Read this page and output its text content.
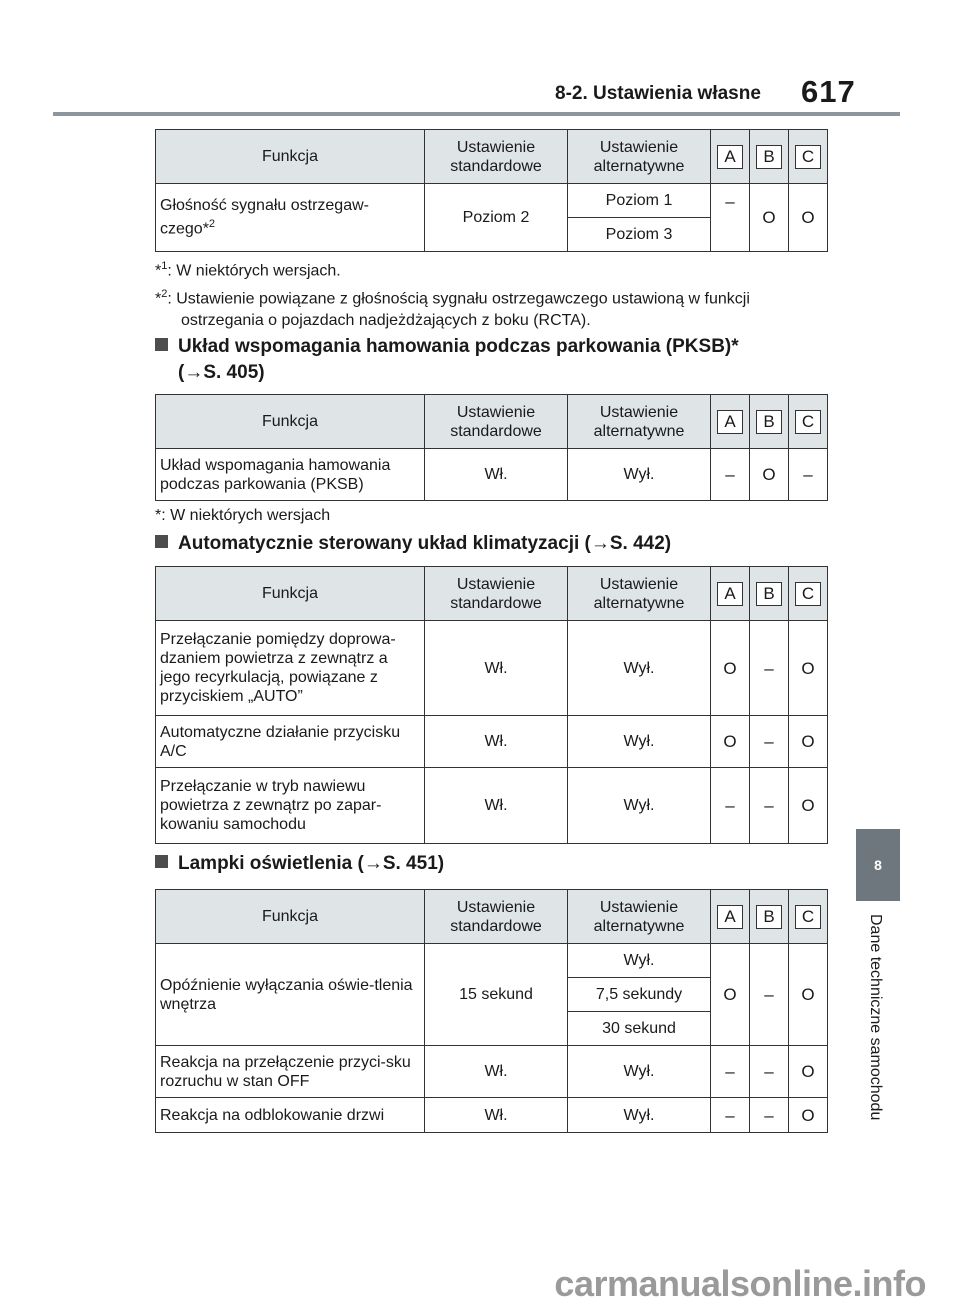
8-2. Ustawienia własne 617
8
Dane techniczne samochodu
Funkcja	Ustawienie standardowe	Ustawienie alternatywne	A	B	C
Głośność sygnału ostrzegaw-czego*$^2$	Poziom 2	Poziom 1	–	O	O
		Poziom 3			
*$^1$: W niektórych wersjach.
*$^2$: Ustawienie powiązane z głośnością sygnału ostrzegawczego ustawioną w funkcji
ostrzegania o pojazdach nadjeżdżających z boku (RCTA).
Układ wspomagania hamowania podczas parkowania (PKSB)*
(→S. 405)
Funkcja	Ustawienie standardowe	Ustawienie alternatywne	A	B	C
Układ wspomagania hamowania podczas parkowania (PKSB)	Wł.	Wył.	–	O	–
*: W niektórych wersjach
Automatycznie sterowany układ klimatyzacji (→S. 442)
Funkcja	Ustawienie standardowe	Ustawienie alternatywne	A	B	C
Przełączanie pomiędzy doprowa-dzaniem powietrza z zewnątrz a jego recyrkulacją, powiązane z przyciskiem „AUTO”	Wł.	Wył.	O	–	O
Automatyczne działanie przycisku A/C	Wł.	Wył.	O	–	O
Przełączanie w tryb nawiewu powietrza z zewnątrz po zapar-kowaniu samochodu	Wł.	Wył.	–	–	O
Lampki oświetlenia (→S. 451)
Funkcja	Ustawienie standardowe	Ustawienie alternatywne	A	B	C
Opóźnienie wyłączania oświe-tlenia wnętrza	15 sekund	Wył.	O	–	O
		7,5 sekundy			
		30 sekund			
Reakcja na przełączenie przyci-sku rozruchu w stan OFF	Wł.	Wył.	–	–	O
Reakcja na odblokowanie drzwi	Wł.	Wył.	–	–	O
carmanualsonline.info
